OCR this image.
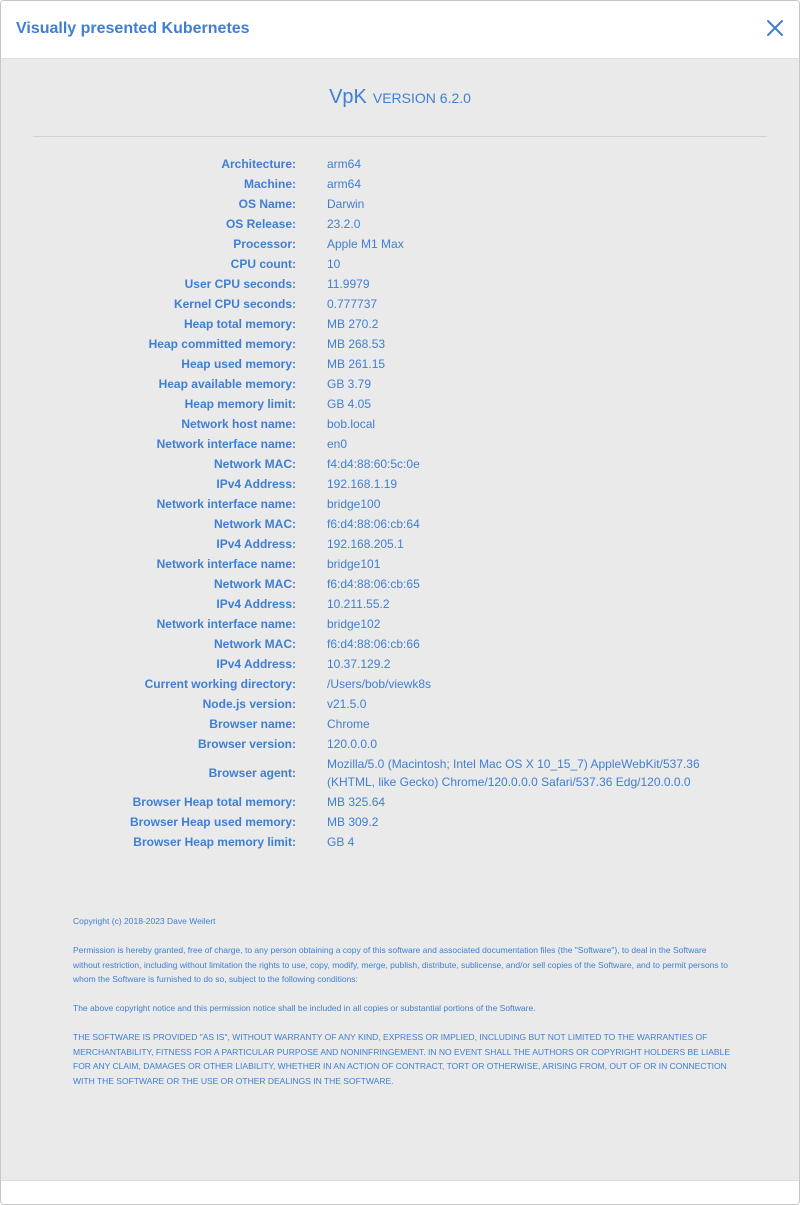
Visually presented Kubernetes
VpK VERSION 6.2.0
Architecture:	arm64
Machine:	arm64
OS Name:	Darwin
OS Release:	23.2.0
Processor:	Apple M1 Max
CPU count:	10
User CPU seconds:	11.9979
Kernel CPU seconds:	0.777737
Heap total memory:	MB 270.2
Heap committed memory:	MB 268.53
Heap used memory:	MB 261.15
Heap available memory:	GB 3.79
Heap memory limit:	GB 4.05
Network host name:	bob.local
Network interface name:	en0
Network MAC:	f4:d4:88:60:5c:0e
IPv4 Address:	192.168.1.19
Network interface name:	bridge100
Network MAC:	f6:d4:88:06:cb:64
IPv4 Address:	192.168.205.1
Network interface name:	bridge101
Network MAC:	f6:d4:88:06:cb:65
IPv4 Address:	10.211.55.2
Network interface name:	bridge102
Network MAC:	f6:d4:88:06:cb:66
IPv4 Address:	10.37.129.2
Current working directory:	/Users/bob/viewk8s
Node.js version:	v21.5.0
Browser name:	Chrome
Browser version:	120.0.0.0
Browser agent:
Mozilla/5.0 (Macintosh; Intel Mac OS X 10_15_7) AppleWebKit/537.36 (KHTML, like Gecko) Chrome/120.0.0.0 Safari/537.36 Edg/120.0.0.0
Browser Heap total memory:	MB 325.64
Browser Heap used memory:	MB 309.2
Browser Heap memory limit:	GB 4

Copyright (c) 2018-2023 Dave Weilert

Permission is hereby granted, free of charge, to any person obtaining a copy of this software and associated documentation files (the "Software"), to deal in the Software without restriction, including without limitation the rights to use, copy, modify, merge, publish, distribute, sublicense, and/or sell copies of the Software, and to permit persons to whom the Software is furnished to do so, subject to the following conditions:

The above copyright notice and this permission notice shall be included in all copies or substantial portions of the Software.

THE SOFTWARE IS PROVIDED "AS IS", WITHOUT WARRANTY OF ANY KIND, EXPRESS OR IMPLIED, INCLUDING BUT NOT LIMITED TO THE WARRANTIES OF MERCHANTABILITY, FITNESS FOR A PARTICULAR PURPOSE AND NONINFRINGEMENT. IN NO EVENT SHALL THE AUTHORS OR COPYRIGHT HOLDERS BE LIABLE FOR ANY CLAIM, DAMAGES OR OTHER LIABILITY, WHETHER IN AN ACTION OF CONTRACT, TORT OR OTHERWISE, ARISING FROM, OUT OF OR IN CONNECTION WITH THE SOFTWARE OR THE USE OR OTHER DEALINGS IN THE SOFTWARE.
